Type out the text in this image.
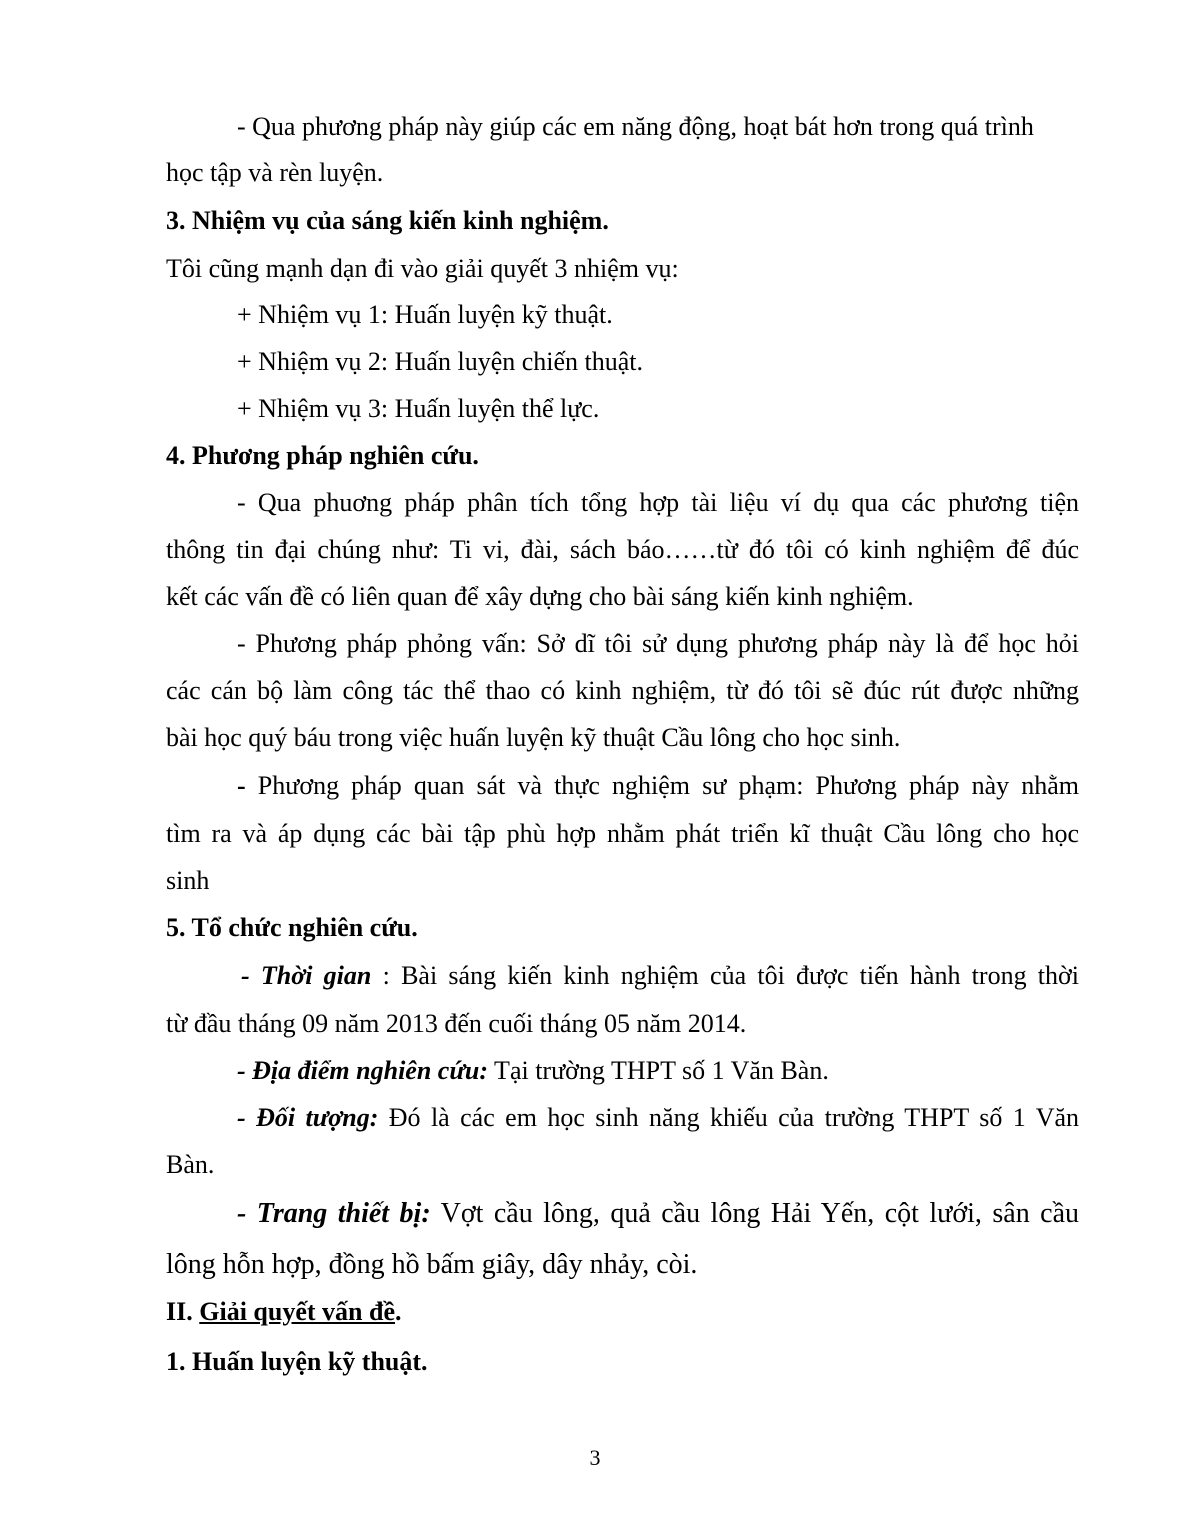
- Qua phương pháp này giúp các em năng động, hoạt bát hơn trong quá trình
học tập và rèn luyện.
3. Nhiệm vụ của sáng kiến kinh nghiệm.
Tôi cũng mạnh dạn đi vào giải quyết 3 nhiệm vụ:
+ Nhiệm vụ 1: Huấn luyện kỹ thuật.
+ Nhiệm vụ 2: Huấn luyện chiến thuật.
+ Nhiệm vụ 3: Huấn luyện thể lực.
4. Phương pháp nghiên cứu.
- Qua phuơng pháp phân tích tổng hợp tài liệu ví dụ qua các phương tiện
thông tin đại chúng như: Ti vi, đài, sách báo……từ đó tôi có kinh nghiệm để đúc
kết các vấn đề có liên quan để xây dựng cho bài sáng kiến kinh nghiệm.
- Phương pháp phỏng vấn: Sở dĩ tôi sử dụng phương pháp này là để học hỏi
các cán bộ làm công tác thể thao có kinh nghiệm, từ đó tôi sẽ đúc rút được những
bài học quý báu trong việc huấn luyện kỹ thuật Cầu lông cho học sinh.
- Phương pháp quan sát và thực nghiệm sư phạm: Phương pháp này nhằm
tìm ra và áp dụng các bài tập phù hợp nhằm phát triển kĩ thuật Cầu lông cho học
sinh
5. Tổ chức nghiên cứu.
- Thời gian : Bài sáng kiến kinh nghiệm của tôi được tiến hành trong thời
từ đầu tháng 09 năm 2013 đến cuối tháng 05 năm 2014.
- Địa điểm nghiên cứu: Tại trường THPT số 1 Văn Bàn.
- Đối tượng: Đó là các em học sinh năng khiếu của trường THPT số 1 Văn
Bàn.
- Trang thiết bị: Vợt cầu lông, quả cầu lông Hải Yến, cột lưới, sân cầu
lông hỗn hợp, đồng hồ bấm giây, dây nhảy, còi.
II. Giải quyết vấn đề.
1. Huấn luyện kỹ thuật.
3
